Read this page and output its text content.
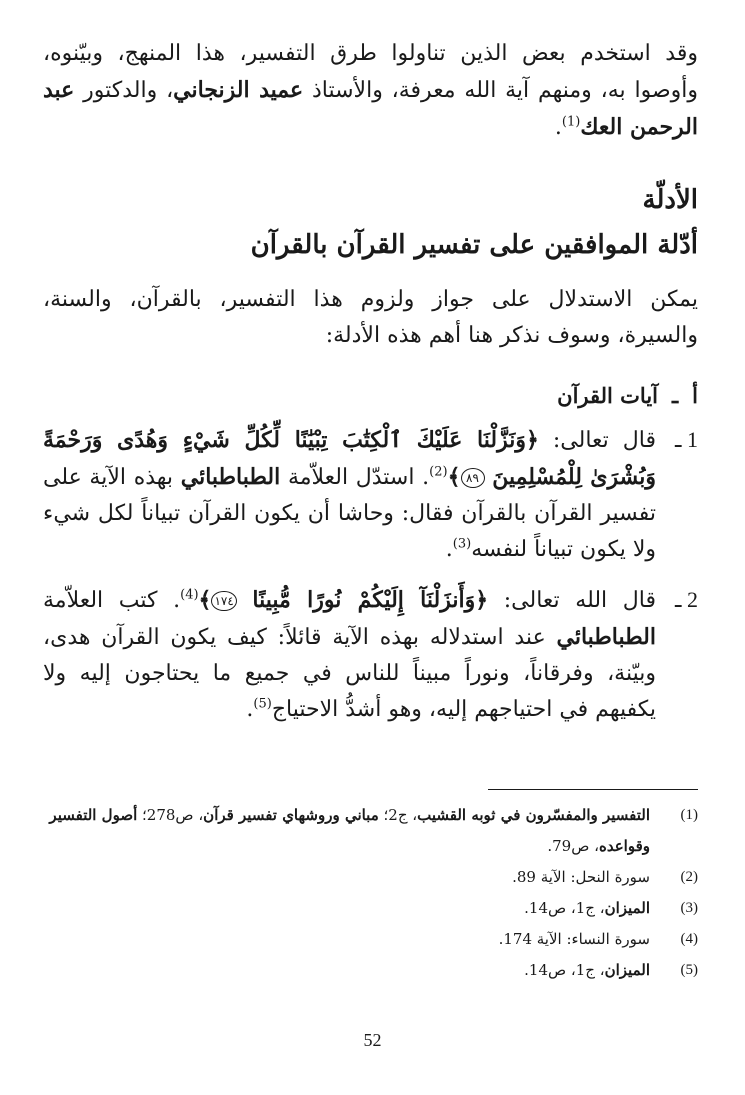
وقد استخدم بعض الذين تناولوا طرق التفسير، هذا المنهج، وبيّنوه، وأوصوا به، ومنهم آية الله معرفة، والأستاذ عميد الزنجاني، والدكتور عبد الرحمن العك$^{(1)}$.
الأدلّة
أدّلة الموافقين على تفسير القرآن بالقرآن
يمكن الاستدلال على جواز ولزوم هذا التفسير، بالقرآن، والسنة، والسيرة، وسوف نذكر هنا أهم هذه الأدلة:
أ
ـ
آيات القرآن
1 ـ
قال تعالى: ﴿وَنَزَّلْنَا عَلَيْكَ ٱلْكِتَٰبَ تِبْيَٰنًا لِّكُلِّ شَيْءٍ وَهُدًى وَرَحْمَةً وَبُشْرَىٰ لِلْمُسْلِمِينَ ٨٩﴾$^{(2)}$. استدّل العلاّمة الطباطبائي بهذه الآية على تفسير القرآن بالقرآن فقال: وحاشا أن يكون القرآن تبياناً لكل شيء ولا يكون تبياناً لنفسه$^{(3)}$.
2 ـ
قال الله تعالى: ﴿وَأَنزَلْنَآ إِلَيْكُمْ نُورًا مُّبِينًا ١٧٤﴾$^{(4)}$. كتب العلاّمة الطباطبائي عند استدلاله بهذه الآية قائلاً: كيف يكون القرآن هدى، وبيّنة، وفرقاناً، ونوراً مبيناً للناس في جميع ما يحتاجون إليه ولا يكفيهم في احتياجهم إليه، وهو أشدُّ الاحتياج$^{(5)}$.
(1)
التفسير والمفسّرون في ثوبه القشيب، ج2؛ مباني وروشهاي تفسير قرآن، ص278؛ أصول التفسير وقواعده، ص79.
(2)
سورة النحل: الآية 89.
(3)
الميزان، ج1، ص14.
(4)
سورة النساء: الآية 174.
(5)
الميزان، ج1، ص14.
52
